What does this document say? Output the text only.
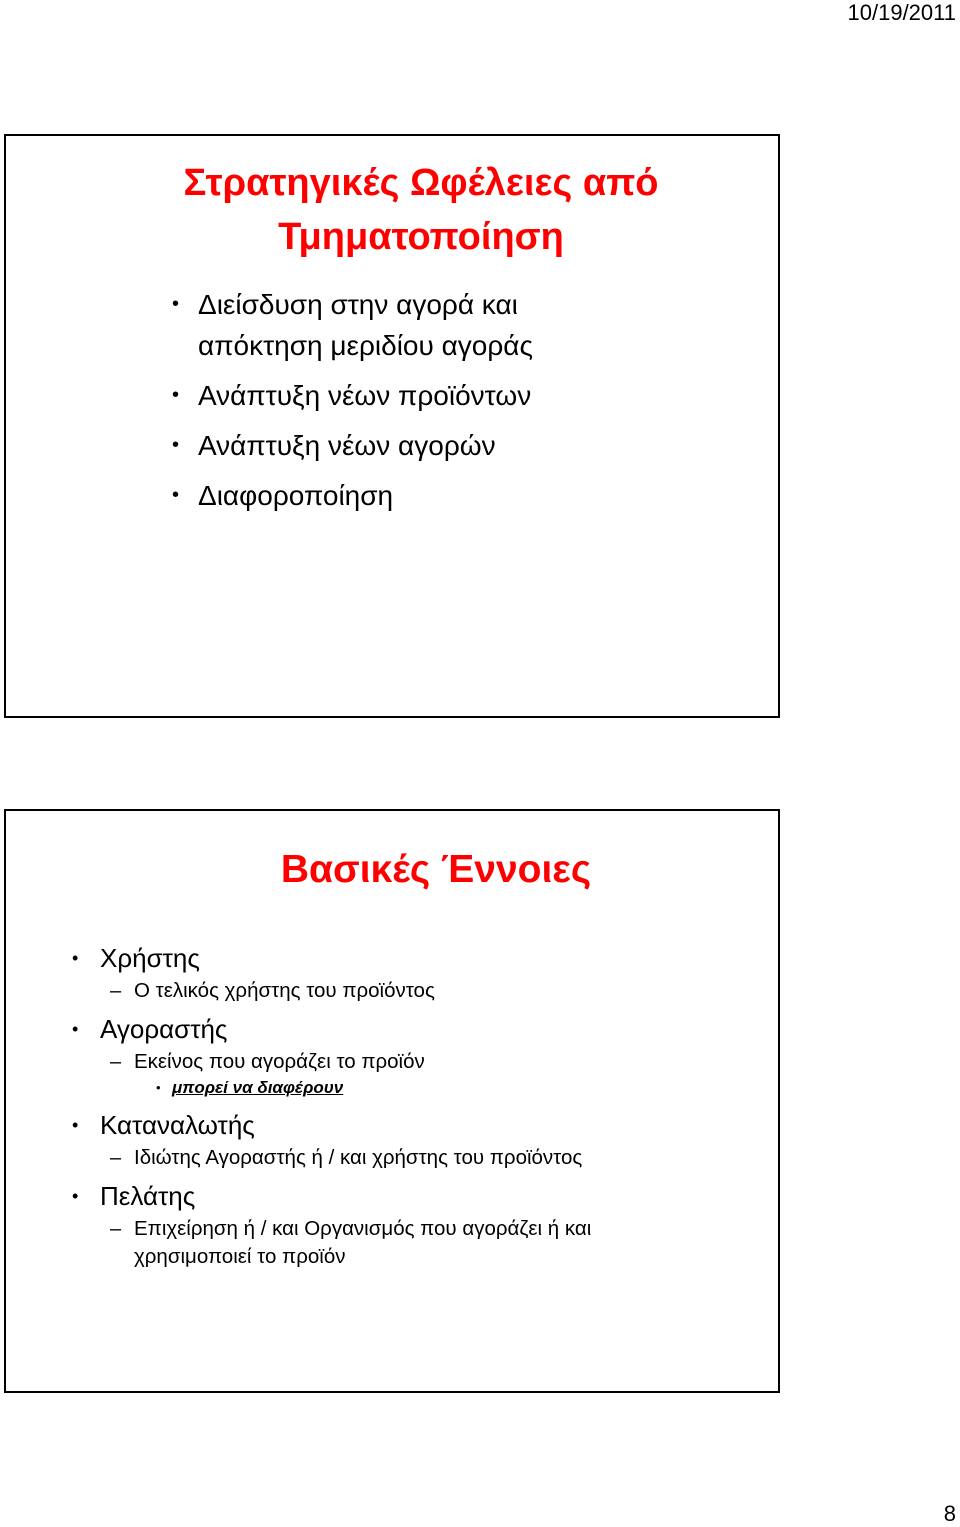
10/19/2011
Στρατηγικές Ωφέλειες από
Τμηματοποίηση
• Διείσδυση στην αγορά και
απόκτηση μεριδίου αγοράς
• Ανάπτυξη νέων προϊόντων
• Ανάπτυξη νέων αγορών
• Διαφοροποίηση
Βασικές Έννοιες
• Χρήστης
– Ο τελικός χρήστης του προϊόντος
• Αγοραστής
– Εκείνος που αγοράζει το προϊόν
• μπορεί να διαφέρουν
• Καταναλωτής
– Ιδιώτης Αγοραστής ή / και χρήστης του προϊόντος
• Πελάτης
– Επιχείρηση ή / και Οργανισμός που αγοράζει ή και
χρησιμοποιεί το προϊόν
8
